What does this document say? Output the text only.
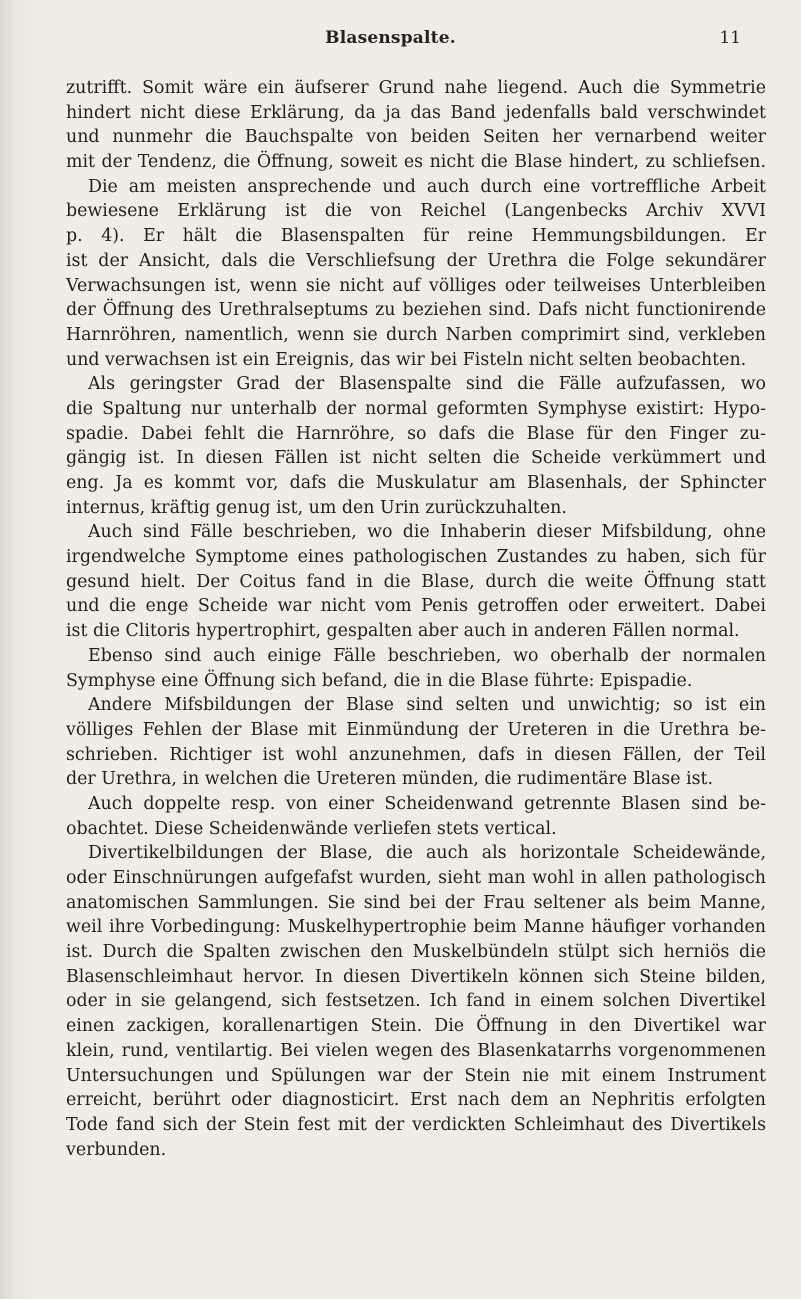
Blasenspalte.	11
zutrifft. Somit wäre ein äufserer Grund nahe liegend. Auch die Symmetrie
hindert nicht diese Erklärung, da ja das Band jedenfalls bald verschwindet
und nunmehr die Bauchspalte von beiden Seiten her vernarbend weiter
mit der Tendenz, die Öffnung, soweit es nicht die Blase hindert, zu schliefsen.
Die am meisten ansprechende und auch durch eine vortreffliche Arbeit
bewiesene Erklärung ist die von Reichel (Langenbecks Archiv XVVI
p. 4). Er hält die Blasenspalten für reine Hemmungsbildungen. Er
ist der Ansicht, dals die Verschliefsung der Urethra die Folge sekundärer
Verwachsungen ist, wenn sie nicht auf völliges oder teilweises Unterbleiben
der Öffnung des Urethralseptums zu beziehen sind. Dafs nicht functionirende
Harnröhren, namentlich, wenn sie durch Narben comprimirt sind, verkleben
und verwachsen ist ein Ereignis, das wir bei Fisteln nicht selten beobachten.
Als geringster Grad der Blasenspalte sind die Fälle aufzufassen, wo
die Spaltung nur unterhalb der normal geformten Symphyse existirt: Hypo-
spadie. Dabei fehlt die Harnröhre, so dafs die Blase für den Finger zu-
gängig ist. In diesen Fällen ist nicht selten die Scheide verkümmert und
eng. Ja es kommt vor, dafs die Muskulatur am Blasenhals, der Sphincter
internus, kräftig genug ist, um den Urin zurückzuhalten.
Auch sind Fälle beschrieben, wo die Inhaberin dieser Mifsbildung, ohne
irgendwelche Symptome eines pathologischen Zustandes zu haben, sich für
gesund hielt. Der Coitus fand in die Blase, durch die weite Öffnung statt
und die enge Scheide war nicht vom Penis getroffen oder erweitert. Dabei
ist die Clitoris hypertrophirt, gespalten aber auch in anderen Fällen normal.
Ebenso sind auch einige Fälle beschrieben, wo oberhalb der normalen
Symphyse eine Öffnung sich befand, die in die Blase führte: Epispadie.
Andere Mifsbildungen der Blase sind selten und unwichtig; so ist ein
völliges Fehlen der Blase mit Einmündung der Ureteren in die Urethra be-
schrieben. Richtiger ist wohl anzunehmen, dafs in diesen Fällen, der Teil
der Urethra, in welchen die Ureteren münden, die rudimentäre Blase ist.
Auch doppelte resp. von einer Scheidenwand getrennte Blasen sind be-
obachtet. Diese Scheidenwände verliefen stets vertical.
Divertikelbildungen der Blase, die auch als horizontale Scheidewände,
oder Einschnürungen aufgefafst wurden, sieht man wohl in allen pathologisch
anatomischen Sammlungen. Sie sind bei der Frau seltener als beim Manne,
weil ihre Vorbedingung: Muskelhypertrophie beim Manne häufiger vorhanden
ist. Durch die Spalten zwischen den Muskelbündeln stülpt sich herniös die
Blasenschleimhaut hervor. In diesen Divertikeln können sich Steine bilden,
oder in sie gelangend, sich festsetzen. Ich fand in einem solchen Divertikel
einen zackigen, korallenartigen Stein. Die Öffnung in den Divertikel war
klein, rund, ventilartig. Bei vielen wegen des Blasenkatarrhs vorgenommenen
Untersuchungen und Spülungen war der Stein nie mit einem Instrument
erreicht, berührt oder diagnosticirt. Erst nach dem an Nephritis erfolgten
Tode fand sich der Stein fest mit der verdickten Schleimhaut des Divertikels
verbunden.
